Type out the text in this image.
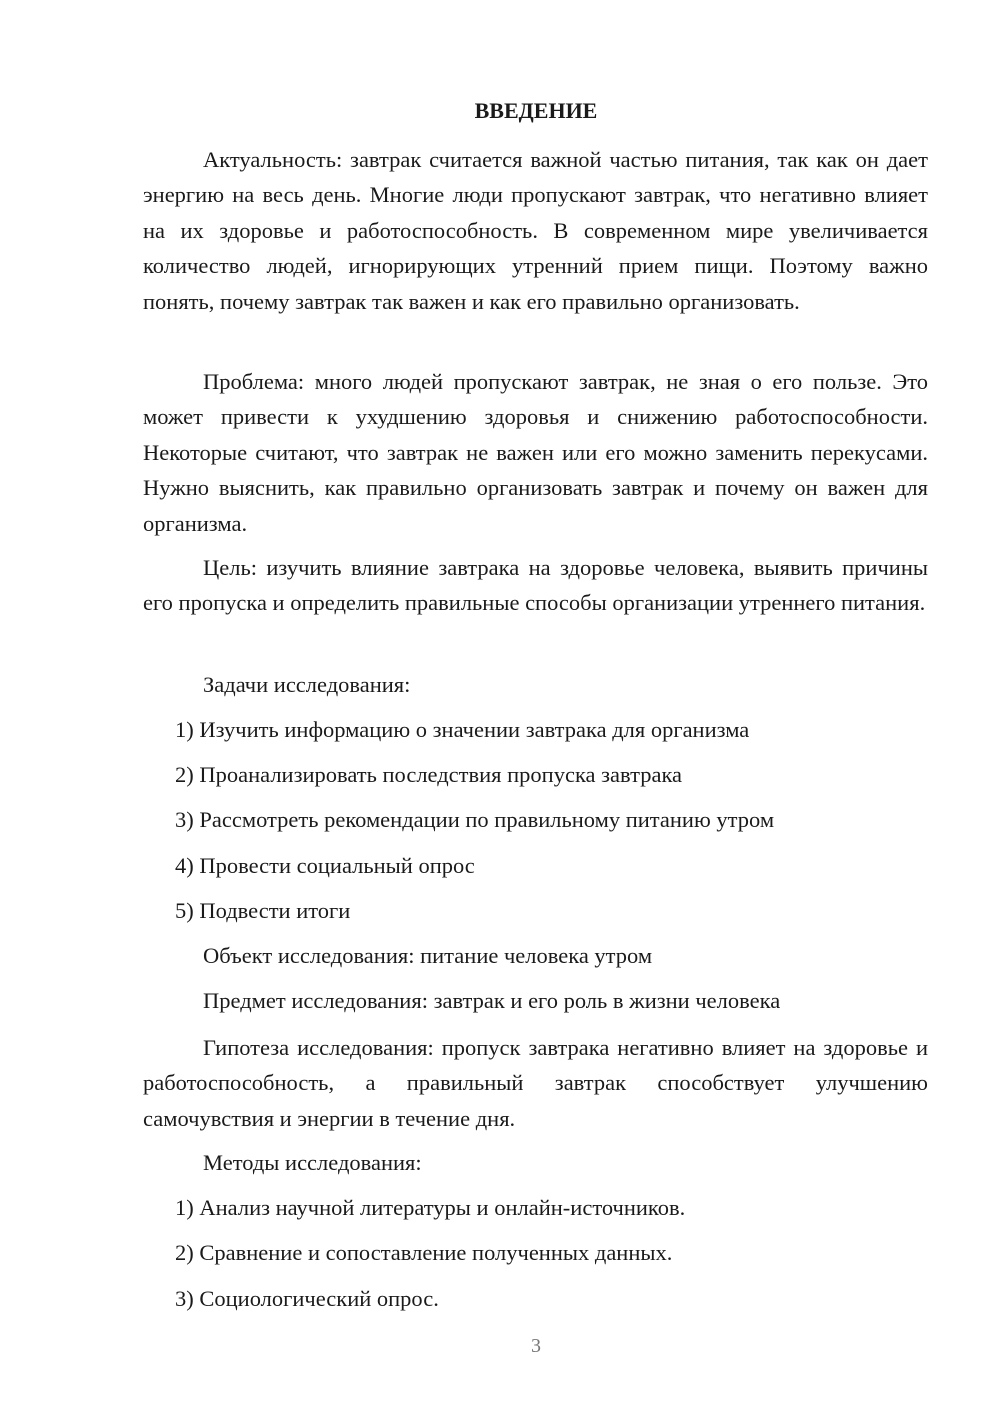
ВВЕДЕНИЕ

Актуальность: завтрак считается важной частью питания, так как он дает энергию на весь день. Многие люди пропускают завтрак, что негативно влияет на их здоровье и работоспособность. В современном мире увеличивается количество людей, игнорирующих утренний прием пищи. Поэтому важно понять, почему завтрак так важен и как его правильно организовать.

Проблема: много людей пропускают завтрак, не зная о его пользе. Это может привести к ухудшению здоровья и снижению работоспособности. Некоторые считают, что завтрак не важен или его можно заменить перекусами. Нужно выяснить, как правильно организовать завтрак и почему он важен для организма.

Цель: изучить влияние завтрака на здоровье человека, выявить причины его пропуска и определить правильные способы организации утреннего питания.

Задачи исследования:
1) Изучить информацию о значении завтрака для организма
2) Проанализировать последствия пропуска завтрака
3) Рассмотреть рекомендации по правильному питанию утром
4) Провести социальный опрос
5) Подвести итоги
Объект исследования: питание человека утром
Предмет исследования: завтрак и его роль в жизни человека

Гипотеза исследования: пропуск завтрака негативно влияет на здоровье и работоспособность, а правильный завтрак способствует улучшению самочувствия и энергии в течение дня.

Методы исследования:
1) Анализ научной литературы и онлайн-источников.
2) Сравнение и сопоставление полученных данных.
3) Социологический опрос.
3
